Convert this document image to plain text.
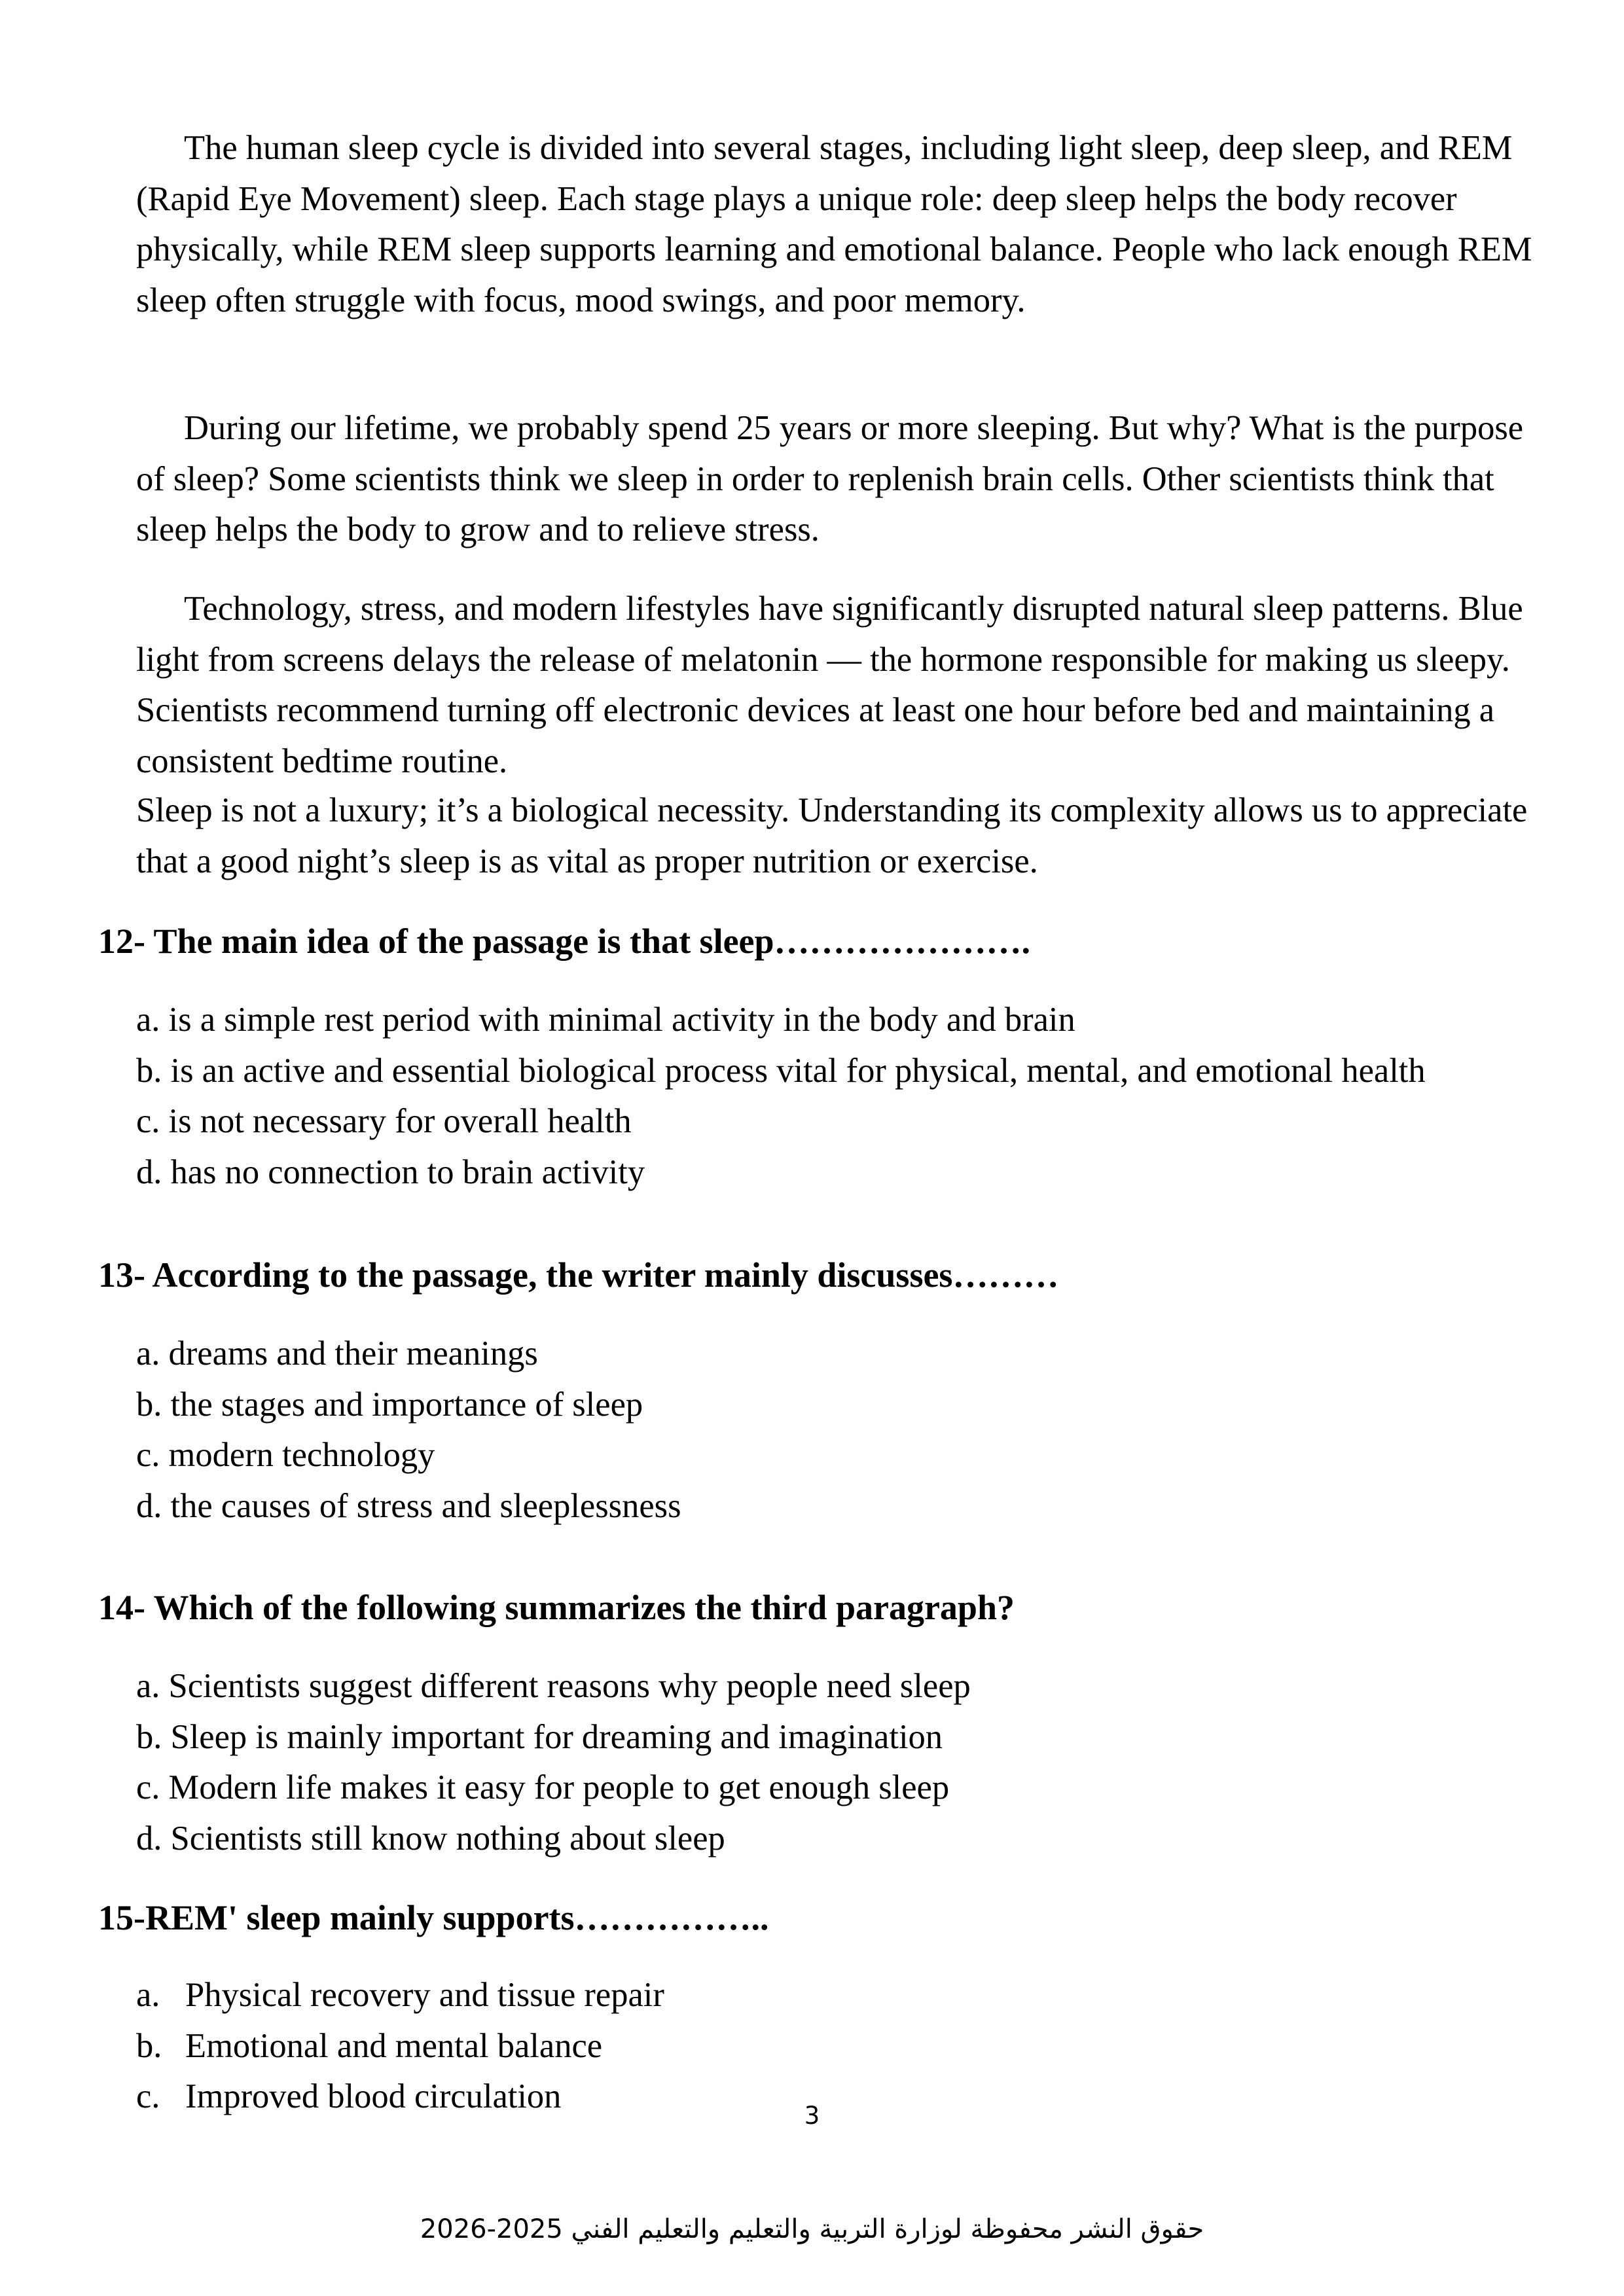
The human sleep cycle is divided into several stages, including light sleep, deep sleep, and REM (Rapid Eye Movement) sleep. Each stage plays a unique role: deep sleep helps the body recover physically, while REM sleep supports learning and emotional balance. People who lack enough REM sleep often struggle with focus, mood swings, and poor memory.

During our lifetime, we probably spend 25 years or more sleeping. But why? What is the purpose of sleep? Some scientists think we sleep in order to replenish brain cells. Other scientists think that sleep helps the body to grow and to relieve stress.

Technology, stress, and modern lifestyles have significantly disrupted natural sleep patterns. Blue light from screens delays the release of melatonin — the hormone responsible for making us sleepy. Scientists recommend turning off electronic devices at least one hour before bed and maintaining a consistent bedtime routine.

Sleep is not a luxury; it’s a biological necessity. Understanding its complexity allows us to appreciate that a good night’s sleep is as vital as proper nutrition or exercise.

12- The main idea of the passage is that sleep………………….
a. is a simple rest period with minimal activity in the body and brain
b. is an active and essential biological process vital for physical, mental, and emotional health
c. is not necessary for overall health
d. has no connection to brain activity
13- According to the passage, the writer mainly discusses………
a. dreams and their meanings
b. the stages and importance of sleep
c. modern technology
d. the causes of stress and sleeplessness
14- Which of the following summarizes the third paragraph?
a. Scientists suggest different reasons why people need sleep
b. Sleep is mainly important for dreaming and imagination
c. Modern life makes it easy for people to get enough sleep
d. Scientists still know nothing about sleep
15-REM' sleep mainly supports……………..
a. Physical recovery and tissue repair
b. Emotional and mental balance
c. Improved blood circulation
3
حقوق النشر محفوظة لوزارة التربية والتعليم والتعليم الفني 2025-2026
